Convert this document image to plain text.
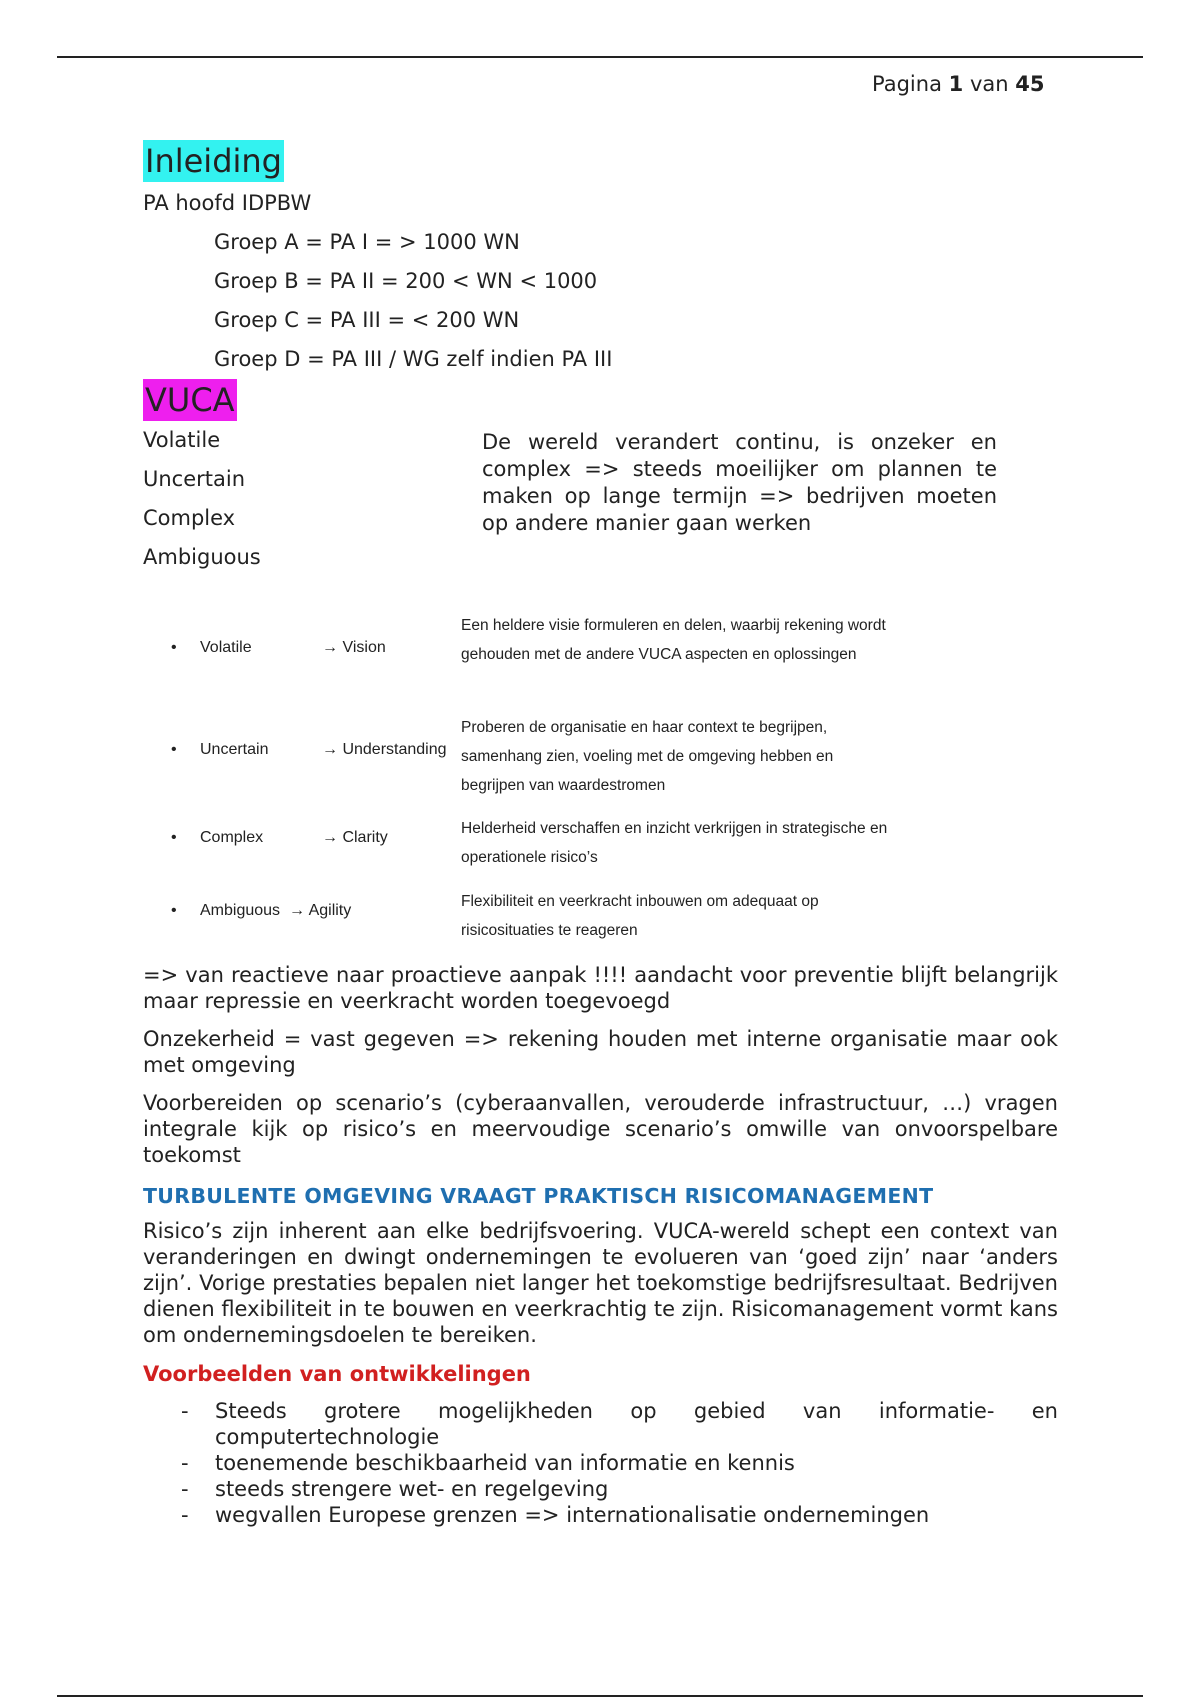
Pagina 1 van 45
Inleiding
PA hoofd IDPBW
Groep A = PA I = > 1000 WN
Groep B = PA II = 200 < WN < 1000
Groep C = PA III = < 200 WN
Groep D = PA III / WG zelf indien PA III
VUCA
Volatile
Uncertain
Complex
Ambiguous
De wereld verandert continu, is onzeker en complex => steeds moeilijker om plannen te maken op lange termijn => bedrijven moeten op andere manier gaan werken
• Volatile	→ Vision
Een heldere visie formuleren en delen, waarbij rekening wordt gehouden met de andere VUCA aspecten en oplossingen
• Uncertain	→ Understanding
Proberen de organisatie en haar context te begrijpen, samenhang zien, voeling met de omgeving hebben en begrijpen van waardestromen
• Complex	→ Clarity
Helderheid verschaffen en inzicht verkrijgen in strategische en operationele risico’s
• Ambiguous → Agility
Flexibiliteit en veerkracht inbouwen om adequaat op risicosituaties te reageren
=> van reactieve naar proactieve aanpak !!!! aandacht voor preventie blijft belangrijk maar repressie en veerkracht worden toegevoegd
Onzekerheid = vast gegeven => rekening houden met interne organisatie maar ook met omgeving
Voorbereiden op scenario’s (cyberaanvallen, verouderde infrastructuur, …) vragen integrale kijk op risico’s en meervoudige scenario’s omwille van onvoorspelbare toekomst
TURBULENTE OMGEVING VRAAGT PRAKTISCH RISICOMANAGEMENT
Risico’s zijn inherent aan elke bedrijfsvoering. VUCA-wereld schept een context van veranderingen en dwingt ondernemingen te evolueren van ‘goed zijn’ naar ‘anders zijn’. Vorige prestaties bepalen niet langer het toekomstige bedrijfsresultaat. Bedrijven dienen flexibiliteit in te bouwen en veerkrachtig te zijn. Risicomanagement vormt kans om ondernemingsdoelen te bereiken.
Voorbeelden van ontwikkelingen
- Steeds grotere mogelijkheden op gebied van informatie- en computertechnologie
- toenemende beschikbaarheid van informatie en kennis
- steeds strengere wet- en regelgeving
- wegvallen Europese grenzen => internationalisatie ondernemingen
